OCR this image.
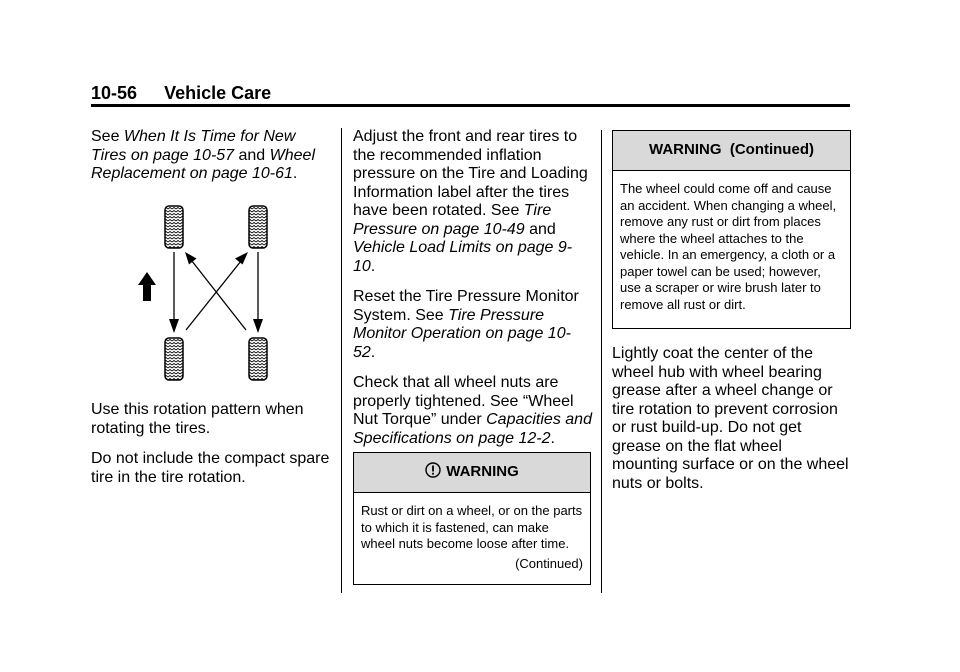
10-56 Vehicle Care

See When It Is Time for New Tires on page 10-57 and Wheel Replacement on page 10-61.

Use this rotation pattern when rotating the tires.

Do not include the compact spare tire in the tire rotation.

Adjust the front and rear tires to the recommended inflation pressure on the Tire and Loading Information label after the tires have been rotated. See Tire Pressure on page 10-49 and Vehicle Load Limits on page 9-10.

Reset the Tire Pressure Monitor System. See Tire Pressure Monitor Operation on page 10-52.

Check that all wheel nuts are properly tightened. See “Wheel Nut Torque” under Capacities and Specifications on page 12-2.

WARNING

Rust or dirt on a wheel, or on the parts to which it is fastened, can make wheel nuts become loose after time.

(Continued)
WARNING  (Continued)

The wheel could come off and cause an accident. When changing a wheel, remove any rust or dirt from places where the wheel attaches to the vehicle. In an emergency, a cloth or a paper towel can be used; however, use a scraper or wire brush later to remove all rust or dirt.

Lightly coat the center of the wheel hub with wheel bearing grease after a wheel change or tire rotation to prevent corrosion or rust build-up. Do not get grease on the flat wheel mounting surface or on the wheel nuts or bolts.
